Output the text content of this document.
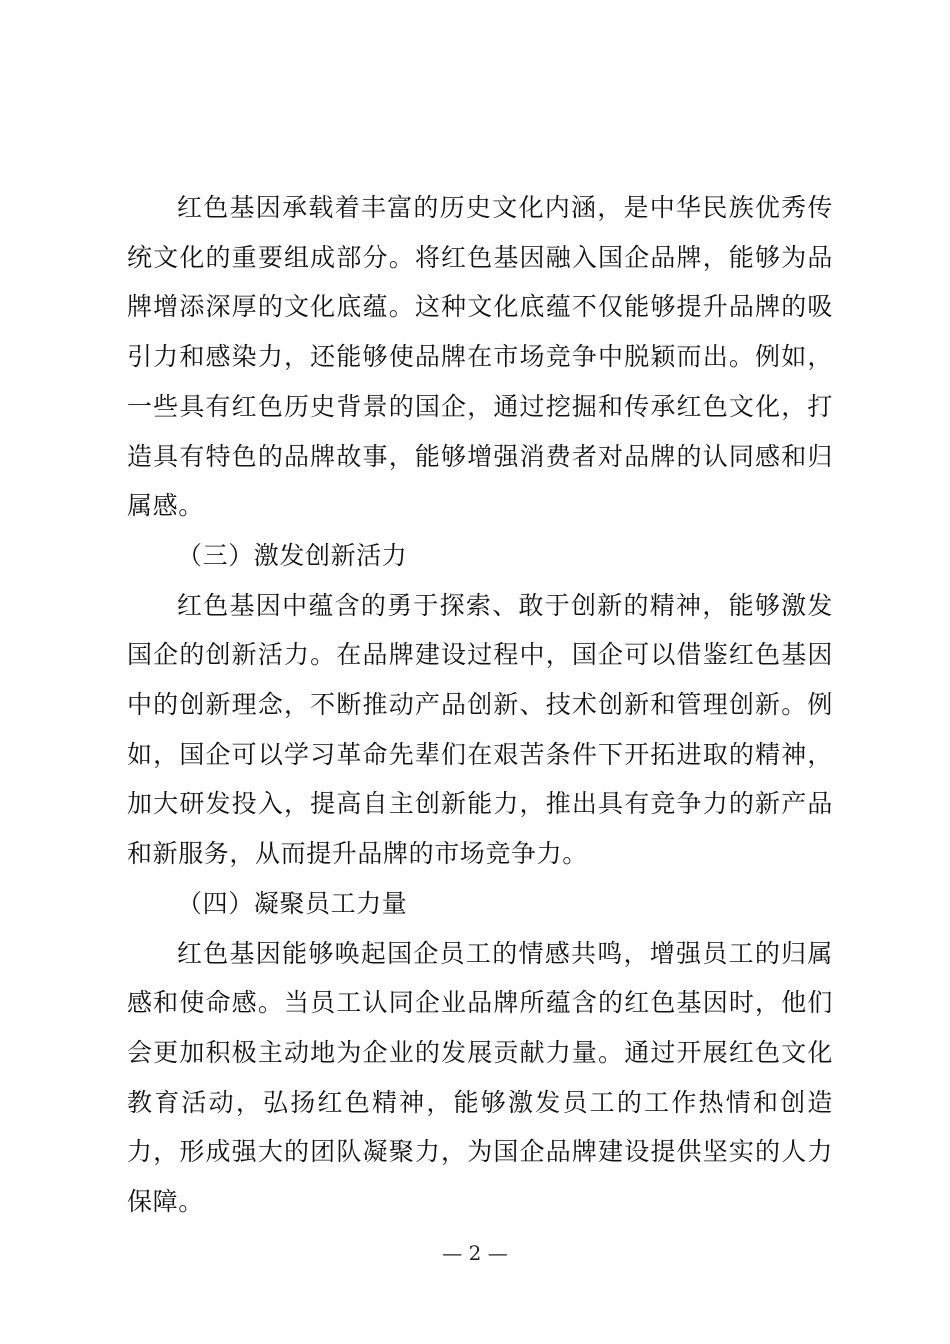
红色基因承载着丰富的历史文化内涵，是中华民族优秀传统文化的重要组成部分。将红色基因融入国企品牌，能够为品牌增添深厚的文化底蕴。这种文化底蕴不仅能够提升品牌的吸引力和感染力，还能够使品牌在市场竞争中脱颖而出。例如，一些具有红色历史背景的国企，通过挖掘和传承红色文化，打造具有特色的品牌故事，能够增强消费者对品牌的认同感和归属感。

（三）激发创新活力

红色基因中蕴含的勇于探索、敢于创新的精神，能够激发国企的创新活力。在品牌建设过程中，国企可以借鉴红色基因中的创新理念，不断推动产品创新、技术创新和管理创新。例如，国企可以学习革命先辈们在艰苦条件下开拓进取的精神，加大研发投入，提高自主创新能力，推出具有竞争力的新产品和新服务，从而提升品牌的市场竞争力。

（四）凝聚员工力量

红色基因能够唤起国企员工的情感共鸣，增强员工的归属感和使命感。当员工认同企业品牌所蕴含的红色基因时，他们会更加积极主动地为企业的发展贡献力量。通过开展红色文化教育活动，弘扬红色精神，能够激发员工的工作热情和创造力，形成强大的团队凝聚力，为国企品牌建设提供坚实的人力保障。

— 2 —
